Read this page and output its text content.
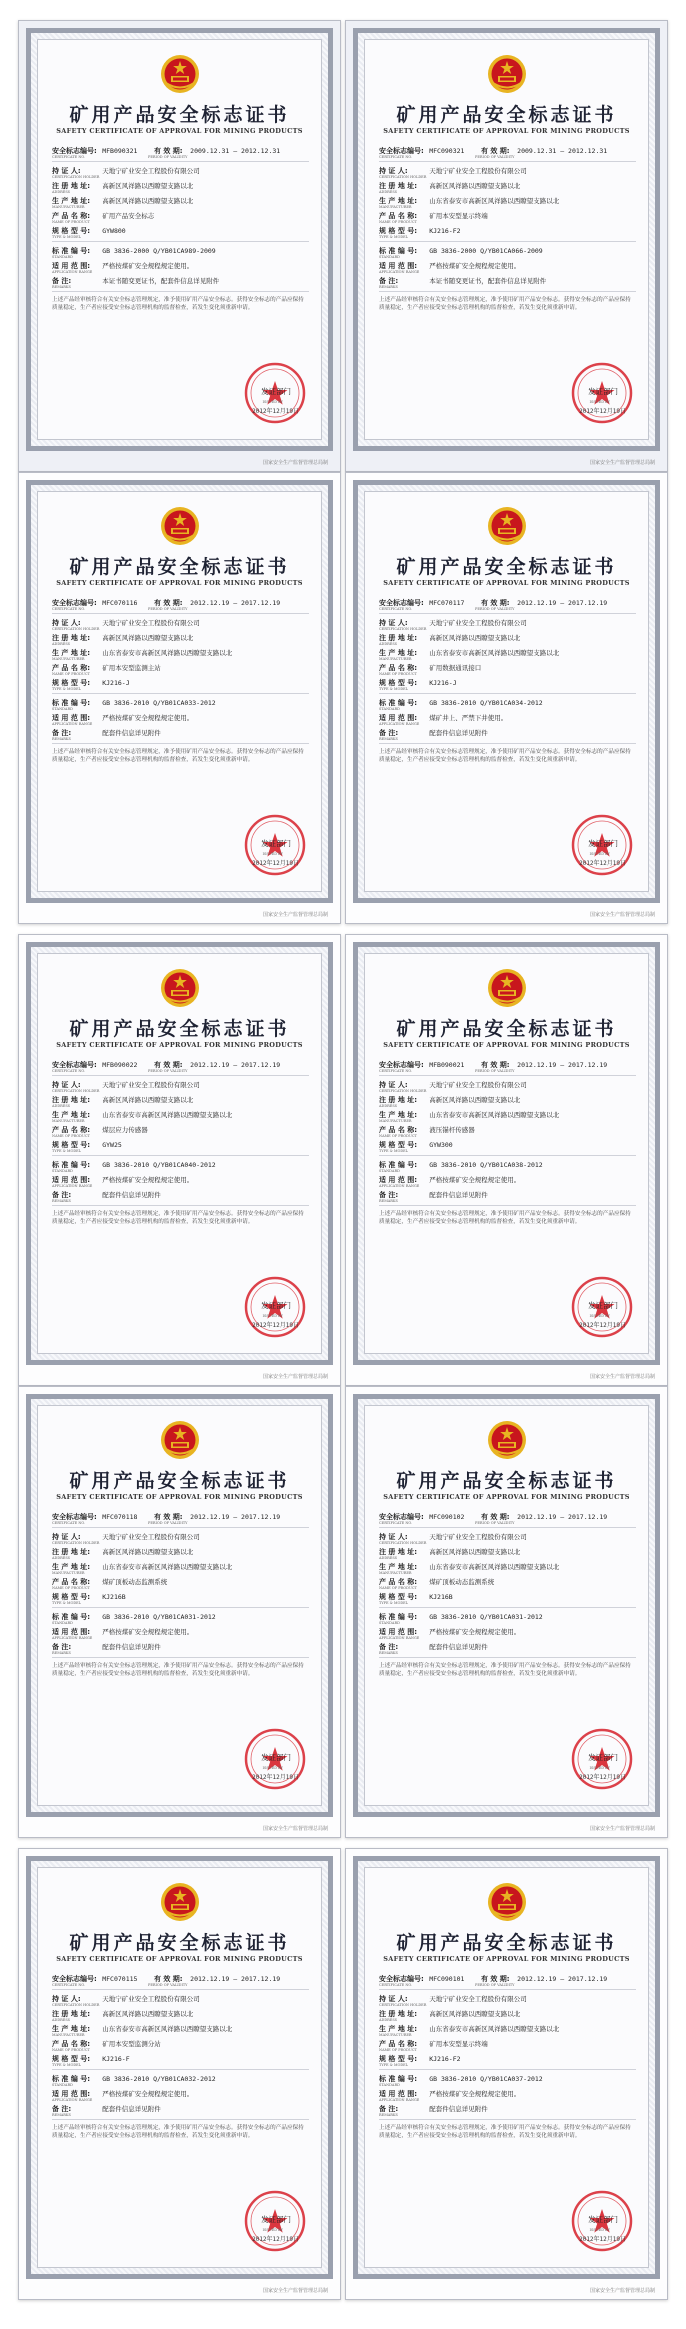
矿用产品安全标志证书
SAFETY CERTIFICATE OF APPROVAL FOR MINING PRODUCTS
安全标志编号: MFB090321 有 效 期: 2009.12.31 — 2012.12.31
CERTIFICATE NO.	PERIOD OF VALIDITY
持 证 人:	天地宁矿业安全工程股份有限公司
CERTIFICATION HOLDER
注 册 地 址: 高新区风祥路以西瞭望支路以北
ADDRESS
生 产 地 址: 高新区风祥路以西瞭望支路以北
MANUFACTURER
产 品 名 称: 矿用产品安全标志
NAME OF PRODUCT
规 格 型 号: GYW800
TYPE & MODEL
标 准 编 号: GB 3836-2000 Q/YB01CA989-2009
STANDARD
适 用 范 围: 严格按煤矿安全规程规定使用。
APPLICATION RANGE
备 注:	本证书随变更证书，配套件信息详见附件
REMARKS
上述产品经审核符合有关安全标志管理规定，准予使用矿用产品安全标志。获得安全标志的产品应保持质量稳定，生产者应接受安全标志管理机构的监督检查，若发生变化须重新申请。
发证部门
ISSUED BY
2012年12月19日
国家安全生产监督管理总局制
矿用产品安全标志证书
SAFETY CERTIFICATE OF APPROVAL FOR MINING PRODUCTS
安全标志编号: MFC090321 有 效 期: 2009.12.31 — 2012.12.31
CERTIFICATE NO.	PERIOD OF VALIDITY
持 证 人:	天地宁矿业安全工程股份有限公司
CERTIFICATION HOLDER
注 册 地 址: 高新区风祥路以西瞭望支路以北
ADDRESS
生 产 地 址: 山东省泰安市高新区风祥路以西瞭望支路以北
MANUFACTURER
产 品 名 称: 矿用本安型显示终端
NAME OF PRODUCT
规 格 型 号: KJ216-F2
TYPE & MODEL
标 准 编 号: GB 3836-2000 Q/YB01CA066-2009
STANDARD
适 用 范 围: 严格按煤矿安全规程规定使用。
APPLICATION RANGE
备 注:	本证书随变更证书，配套件信息详见附件
REMARKS
上述产品经审核符合有关安全标志管理规定，准予使用矿用产品安全标志。获得安全标志的产品应保持质量稳定，生产者应接受安全标志管理机构的监督检查，若发生变化须重新申请。
发证部门
ISSUED BY
2012年12月19日
国家安全生产监督管理总局制
矿用产品安全标志证书
SAFETY CERTIFICATE OF APPROVAL FOR MINING PRODUCTS
安全标志编号: MFC070116 有 效 期: 2012.12.19 — 2017.12.19
CERTIFICATE NO.	PERIOD OF VALIDITY
持 证 人:	天地宁矿业安全工程股份有限公司
CERTIFICATION HOLDER
注 册 地 址: 高新区风祥路以西瞭望支路以北
ADDRESS
生 产 地 址: 山东省泰安市高新区风祥路以西瞭望支路以北
MANUFACTURER
产 品 名 称: 矿用本安型监测主站
NAME OF PRODUCT
规 格 型 号: KJ216-J
TYPE & MODEL
标 准 编 号: GB 3836-2010 Q/YB01CA033-2012
STANDARD
适 用 范 围: 严格按煤矿安全规程规定使用。
APPLICATION RANGE
备 注:	配套件信息详见附件
REMARKS
上述产品经审核符合有关安全标志管理规定，准予使用矿用产品安全标志。获得安全标志的产品应保持质量稳定，生产者应接受安全标志管理机构的监督检查，若发生变化须重新申请。
发证部门
ISSUED BY
2012年12月19日
国家安全生产监督管理总局制
矿用产品安全标志证书
SAFETY CERTIFICATE OF APPROVAL FOR MINING PRODUCTS
安全标志编号: MFC070117 有 效 期: 2012.12.19 — 2017.12.19
CERTIFICATE NO.	PERIOD OF VALIDITY
持 证 人:	天地宁矿业安全工程股份有限公司
CERTIFICATION HOLDER
注 册 地 址: 高新区风祥路以西瞭望支路以北
ADDRESS
生 产 地 址: 山东省泰安市高新区风祥路以西瞭望支路以北
MANUFACTURER
产 品 名 称: 矿用数据通讯接口
NAME OF PRODUCT
规 格 型 号: KJ216-J
TYPE & MODEL
标 准 编 号: GB 3836-2010 Q/YB01CA034-2012
STANDARD
适 用 范 围: 煤矿井上、严禁下井使用。
APPLICATION RANGE
备 注:	配套件信息详见附件
REMARKS
上述产品经审核符合有关安全标志管理规定，准予使用矿用产品安全标志。获得安全标志的产品应保持质量稳定，生产者应接受安全标志管理机构的监督检查，若发生变化须重新申请。
发证部门
ISSUED BY
2012年12月19日
国家安全生产监督管理总局制
矿用产品安全标志证书
SAFETY CERTIFICATE OF APPROVAL FOR MINING PRODUCTS
安全标志编号: MFB090022 有 效 期: 2012.12.19 — 2017.12.19
CERTIFICATE NO.	PERIOD OF VALIDITY
持 证 人:	天地宁矿业安全工程股份有限公司
CERTIFICATION HOLDER
注 册 地 址: 高新区风祥路以西瞭望支路以北
ADDRESS
生 产 地 址: 山东省泰安市高新区风祥路以西瞭望支路以北
MANUFACTURER
产 品 名 称: 煤层应力传感器
NAME OF PRODUCT
规 格 型 号: GYW25
TYPE & MODEL
标 准 编 号: GB 3836-2010 Q/YB01CA040-2012
STANDARD
适 用 范 围: 严格按煤矿安全规程规定使用。
APPLICATION RANGE
备 注:	配套件信息详见附件
REMARKS
上述产品经审核符合有关安全标志管理规定，准予使用矿用产品安全标志。获得安全标志的产品应保持质量稳定，生产者应接受安全标志管理机构的监督检查，若发生变化须重新申请。
发证部门
ISSUED BY
2012年12月19日
国家安全生产监督管理总局制
矿用产品安全标志证书
SAFETY CERTIFICATE OF APPROVAL FOR MINING PRODUCTS
安全标志编号: MFB090021 有 效 期: 2012.12.19 — 2017.12.19
CERTIFICATE NO.	PERIOD OF VALIDITY
持 证 人:	天地宁矿业安全工程股份有限公司
CERTIFICATION HOLDER
注 册 地 址: 高新区风祥路以西瞭望支路以北
ADDRESS
生 产 地 址: 山东省泰安市高新区风祥路以西瞭望支路以北
MANUFACTURER
产 品 名 称: 液压锚杆传感器
NAME OF PRODUCT
规 格 型 号: GYW300
TYPE & MODEL
标 准 编 号: GB 3836-2010 Q/YB01CA038-2012
STANDARD
适 用 范 围: 严格按煤矿安全规程规定使用。
APPLICATION RANGE
备 注:	配套件信息详见附件
REMARKS
上述产品经审核符合有关安全标志管理规定，准予使用矿用产品安全标志。获得安全标志的产品应保持质量稳定，生产者应接受安全标志管理机构的监督检查，若发生变化须重新申请。
发证部门
ISSUED BY
2012年12月19日
国家安全生产监督管理总局制
矿用产品安全标志证书
SAFETY CERTIFICATE OF APPROVAL FOR MINING PRODUCTS
安全标志编号: MFC070118 有 效 期: 2012.12.19 — 2017.12.19
CERTIFICATE NO.	PERIOD OF VALIDITY
持 证 人:	天地宁矿业安全工程股份有限公司
CERTIFICATION HOLDER
注 册 地 址: 高新区风祥路以西瞭望支路以北
ADDRESS
生 产 地 址: 山东省泰安市高新区风祥路以西瞭望支路以北
MANUFACTURER
产 品 名 称: 煤矿顶板动态监测系统
NAME OF PRODUCT
规 格 型 号: KJ216B
TYPE & MODEL
标 准 编 号: GB 3836-2010 Q/YB01CA031-2012
STANDARD
适 用 范 围: 严格按煤矿安全规程规定使用。
APPLICATION RANGE
备 注:	配套件信息详见附件
REMARKS
上述产品经审核符合有关安全标志管理规定，准予使用矿用产品安全标志。获得安全标志的产品应保持质量稳定，生产者应接受安全标志管理机构的监督检查，若发生变化须重新申请。
发证部门
ISSUED BY
2012年12月19日
国家安全生产监督管理总局制
矿用产品安全标志证书
SAFETY CERTIFICATE OF APPROVAL FOR MINING PRODUCTS
安全标志编号: MFC090102 有 效 期: 2012.12.19 — 2017.12.19
CERTIFICATE NO.	PERIOD OF VALIDITY
持 证 人:	天地宁矿业安全工程股份有限公司
CERTIFICATION HOLDER
注 册 地 址: 高新区风祥路以西瞭望支路以北
ADDRESS
生 产 地 址: 山东省泰安市高新区风祥路以西瞭望支路以北
MANUFACTURER
产 品 名 称: 煤矿顶板动态监测系统
NAME OF PRODUCT
规 格 型 号: KJ216B
TYPE & MODEL
标 准 编 号: GB 3836-2010 Q/YB01CA031-2012
STANDARD
适 用 范 围: 严格按煤矿安全规程规定使用。
APPLICATION RANGE
备 注:	配套件信息详见附件
REMARKS
上述产品经审核符合有关安全标志管理规定，准予使用矿用产品安全标志。获得安全标志的产品应保持质量稳定，生产者应接受安全标志管理机构的监督检查，若发生变化须重新申请。
发证部门
ISSUED BY
2012年12月19日
国家安全生产监督管理总局制
矿用产品安全标志证书
SAFETY CERTIFICATE OF APPROVAL FOR MINING PRODUCTS
安全标志编号: MFC070115 有 效 期: 2012.12.19 — 2017.12.19
CERTIFICATE NO.	PERIOD OF VALIDITY
持 证 人:	天地宁矿业安全工程股份有限公司
CERTIFICATION HOLDER
注 册 地 址: 高新区风祥路以西瞭望支路以北
ADDRESS
生 产 地 址: 山东省泰安市高新区风祥路以西瞭望支路以北
MANUFACTURER
产 品 名 称: 矿用本安型监测分站
NAME OF PRODUCT
规 格 型 号: KJ216-F
TYPE & MODEL
标 准 编 号: GB 3836-2010 Q/YB01CA032-2012
STANDARD
适 用 范 围: 严格按煤矿安全规程规定使用。
APPLICATION RANGE
备 注:	配套件信息详见附件
REMARKS
上述产品经审核符合有关安全标志管理规定，准予使用矿用产品安全标志。获得安全标志的产品应保持质量稳定，生产者应接受安全标志管理机构的监督检查，若发生变化须重新申请。
发证部门
ISSUED BY
2012年12月19日
国家安全生产监督管理总局制
矿用产品安全标志证书
SAFETY CERTIFICATE OF APPROVAL FOR MINING PRODUCTS
安全标志编号: MFC090101 有 效 期: 2012.12.19 — 2017.12.19
CERTIFICATE NO.	PERIOD OF VALIDITY
持 证 人:	天地宁矿业安全工程股份有限公司
CERTIFICATION HOLDER
注 册 地 址: 高新区风祥路以西瞭望支路以北
ADDRESS
生 产 地 址: 山东省泰安市高新区风祥路以西瞭望支路以北
MANUFACTURER
产 品 名 称: 矿用本安型显示终端
NAME OF PRODUCT
规 格 型 号: KJ216-F2
TYPE & MODEL
标 准 编 号: GB 3836-2010 Q/YB01CA037-2012
STANDARD
适 用 范 围: 严格按煤矿安全规程规定使用。
APPLICATION RANGE
备 注:	配套件信息详见附件
REMARKS
上述产品经审核符合有关安全标志管理规定，准予使用矿用产品安全标志。获得安全标志的产品应保持质量稳定，生产者应接受安全标志管理机构的监督检查，若发生变化须重新申请。
发证部门
ISSUED BY
2012年12月19日
国家安全生产监督管理总局制
